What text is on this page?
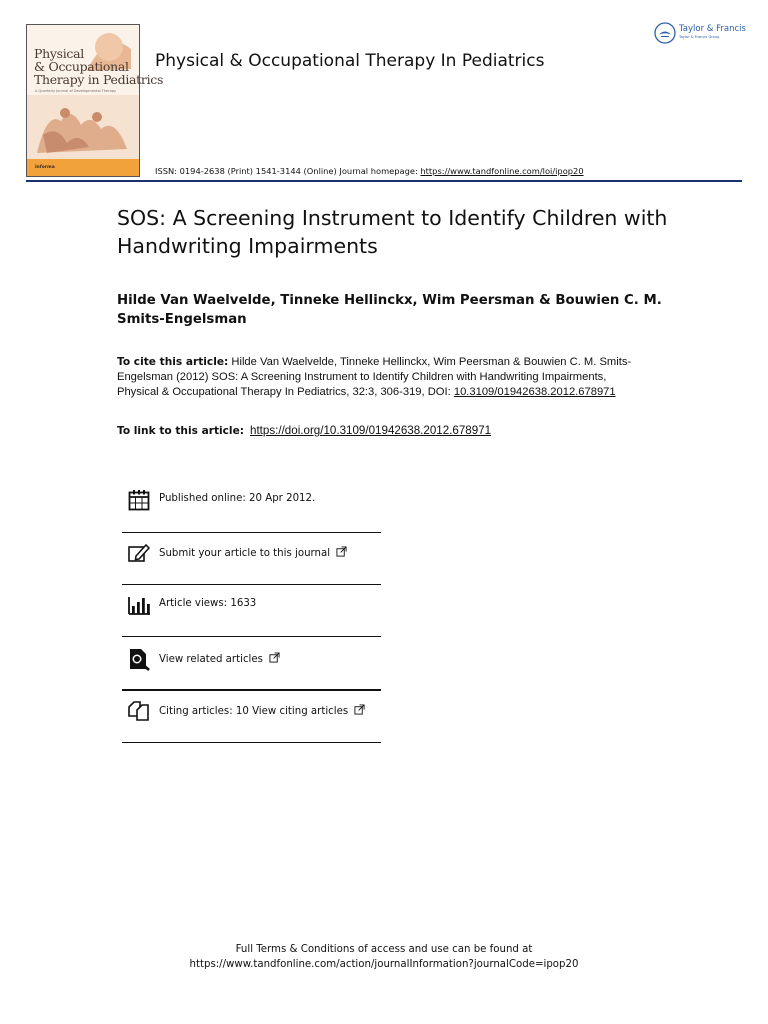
Physical
& Occupational
Therapy in Pediatrics
A Quarterly Journal of Developmental Therapy
informa
Physical & Occupational Therapy In Pediatrics
Taylor & Francis
Taylor & Francis Group
ISSN: 0194-2638 (Print) 1541-3144 (Online) Journal homepage: https://www.tandfonline.com/loi/ipop20
SOS: A Screening Instrument to Identify Children with Handwriting Impairments
Hilde Van Waelvelde, Tinneke Hellinckx, Wim Peersman & Bouwien C. M. Smits-Engelsman
To cite this article: Hilde Van Waelvelde, Tinneke Hellinckx, Wim Peersman & Bouwien C. M. Smits-Engelsman (2012) SOS: A Screening Instrument to Identify Children with Handwriting Impairments, Physical & Occupational Therapy In Pediatrics, 32:3, 306-319, DOI: 10.3109/01942638.2012.678971
To link to this article: https://doi.org/10.3109/01942638.2012.678971
Published online: 20 Apr 2012.
Submit your article to this journal
Article views: 1633
View related articles
Citing articles: 10 View citing articles
Full Terms & Conditions of access and use can be found at
https://www.tandfonline.com/action/journalInformation?journalCode=ipop20
